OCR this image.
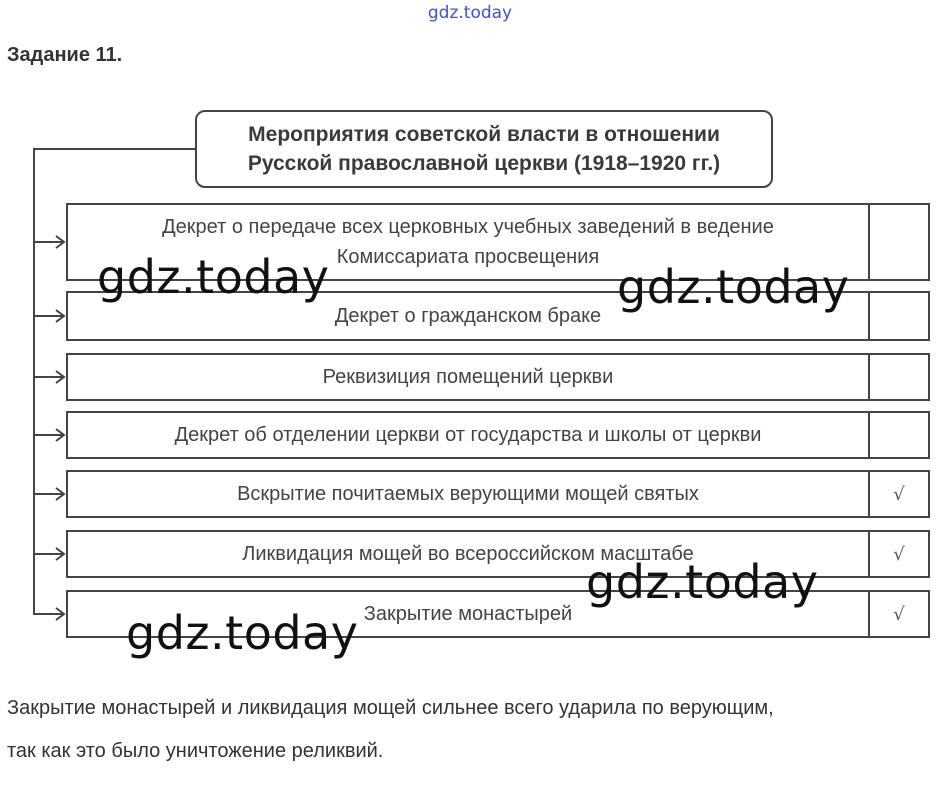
gdz.today
Задание 11.
Мероприятия советской власти в отношении
Русской православной церкви (1918–1920 гг.)
Декрет о передаче всех церковных учебных заведений в ведение
Комиссариата просвещения
Декрет о гражданском браке
Реквизиция помещений церкви
Декрет об отделении церкви от государства и школы от церкви
Вскрытие почитаемых верующими мощей святых	√
Ликвидация мощей во всероссийском масштабе	√
Закрытие монастырей	√
Закрытие монастырей и ликвидация мощей сильнее всего ударила по верующим,
так как это было уничтожение реликвий.
gdz.today	gdz.today
gdz.today
gdz.today
